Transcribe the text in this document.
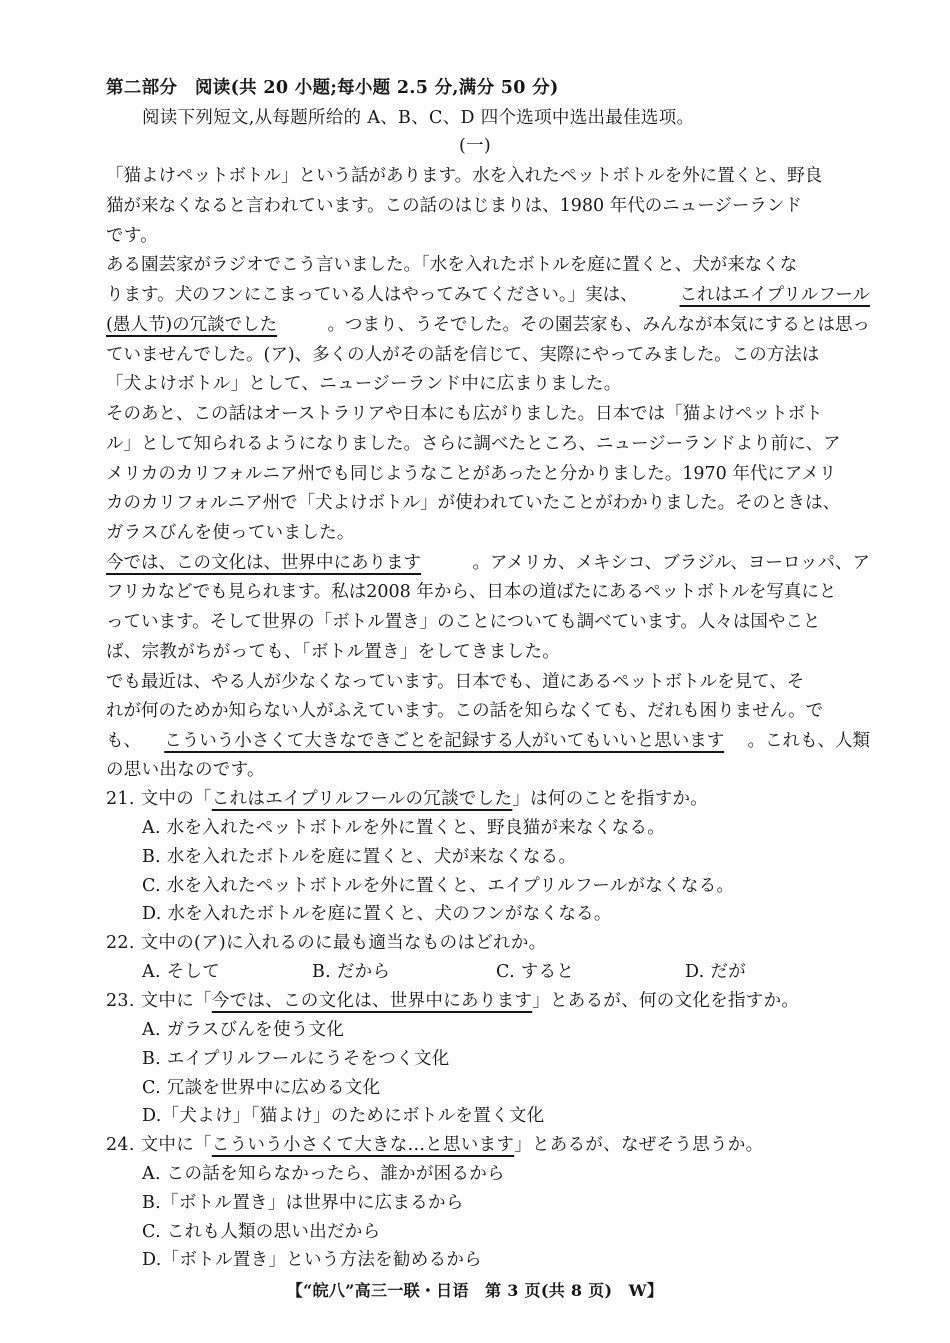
第二部分　阅读(共 20 小题;每小题 2.5 分,满分 50 分)
阅读下列短文,从每题所给的 A、B、C、D 四个选项中选出最佳选项。
(一)
「猫よけペットボトル」という話があります。水を入れたペットボトルを外に置くと、野良
猫が来なくなると言われています。この話のはじまりは、1980 年代のニュージーランド
です。
ある園芸家がラジオでこう言いました。「水を入れたボトルを庭に置くと、犬が来なくな
ります。犬のフンにこまっている人はやってみてください。」実は、 これはエイプリルフール
(愚人节)の冗談でした	。つまり、うそでした。その園芸家も、みんなが本気にするとは思っ
ていませんでした。(ア)、多くの人がその話を信じて、実際にやってみました。この方法は
「犬よけボトル」として、ニュージーランド中に広まりました。
そのあと、この話はオーストラリアや日本にも広がりました。日本では「猫よけペットボト
ル」として知られるようになりました。さらに調べたところ、ニュージーランドより前に、ア
メリカのカリフォルニア州でも同じようなことがあったと分かりました。1970 年代にアメリ
カのカリフォルニア州で「犬よけボトル」が使われていたことがわかりました。そのときは、
ガラスびんを使っていました。
今では、この文化は、世界中にあります	。アメリカ、メキシコ、ブラジル、ヨーロッパ、ア
フリカなどでも見られます。私は2008 年から、日本の道ばたにあるペットボトルを写真にと
っています。そして世界の「ボトル置き」のことについても調べています。人々は国やこと
ば、宗教がちがっても、「ボトル置き」をしてきました。
でも最近は、やる人が少なくなっています。日本でも、道にあるペットボトルを見て、そ
れが何のためか知らない人がふえています。この話を知らなくても、だれも困りません。で
も、 こういう小さくて大きなできごとを記録する人がいてもいいと思います 。これも、人類
の思い出なのです。
21. 文中の「これはエイプリルフールの冗談でした」は何のことを指すか。
A. 水を入れたペットボトルを外に置くと、野良猫が来なくなる。
B. 水を入れたボトルを庭に置くと、犬が来なくなる。
C. 水を入れたペットボトルを外に置くと、エイプリルフールがなくなる。
D. 水を入れたボトルを庭に置くと、犬のフンがなくなる。
22. 文中の(ア)に入れるのに最も適当なものはどれか。
A. そして	B. だから	C. すると	D. だが
23. 文中に「今では、この文化は、世界中にあります」とあるが、何の文化を指すか。
A. ガラスびんを使う文化
B. エイプリルフールにうそをつく文化
C. 冗談を世界中に広める文化
D.「犬よけ」「猫よけ」のためにボトルを置く文化
24. 文中に「こういう小さくて大きな...と思います」とあるが、なぜそう思うか。
A. この話を知らなかったら、誰かが困るから
B.「ボトル置き」は世界中に広まるから
C. これも人類の思い出だから
D.「ボトル置き」という方法を勧めるから
【“皖八”高三一联・日语　第 3 页(共 8 页)　W】
